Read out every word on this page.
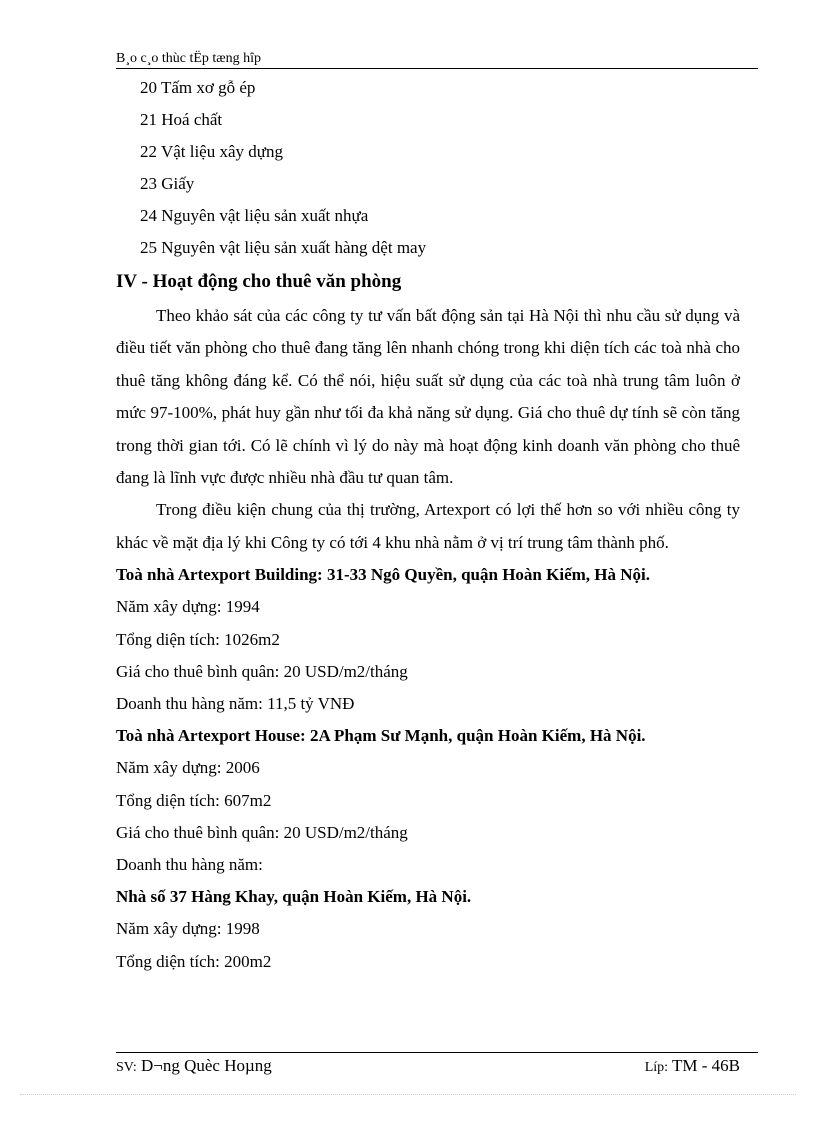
B¸o c¸o thùc tËp tæng hîp
20 Tấm xơ gỗ ép
21 Hoá chất
22 Vật liệu xây dựng
23 Giấy
24 Nguyên vật liệu sản xuất nhựa
25 Nguyên vật liệu sản xuất hàng dệt may
IV - Hoạt động cho thuê văn phòng

Theo khảo sát của các công ty tư vấn bất động sản tại Hà Nội thì nhu cầu sử dụng và điều tiết văn phòng cho thuê đang tăng lên nhanh chóng trong khi diện tích các toà nhà cho thuê tăng không đáng kể. Có thể nói, hiệu suất sử dụng của các toà nhà trung tâm luôn ở mức 97-100%, phát huy gần như tối đa khả năng sử dụng. Giá cho thuê dự tính sẽ còn tăng trong thời gian tới. Có lẽ chính vì lý do này mà hoạt động kinh doanh văn phòng cho thuê đang là lĩnh vực được nhiều nhà đầu tư quan tâm.

Trong điều kiện chung của thị trường, Artexport có lợi thế hơn so với nhiều công ty khác về mặt địa lý khi Công ty có tới 4 khu nhà nằm ở vị trí trung tâm thành phố.

Toà nhà Artexport Building: 31-33 Ngô Quyền, quận Hoàn Kiếm, Hà Nội.
Năm xây dựng: 1994
Tổng diện tích: 1026m2
Giá cho thuê bình quân: 20 USD/m2/tháng
Doanh thu hàng năm: 11,5 tỷ VNĐ
Toà nhà Artexport House: 2A Phạm Sư Mạnh, quận Hoàn Kiếm, Hà Nội.
Năm xây dựng: 2006
Tổng diện tích: 607m2
Giá cho thuê bình quân: 20 USD/m2/tháng
Doanh thu hàng năm:
Nhà số 37 Hàng Khay, quận Hoàn Kiếm, Hà Nội.
Năm xây dựng: 1998
Tổng diện tích: 200m2
SV: D¬ng Quèc Hoµng	Líp: TM - 46B
